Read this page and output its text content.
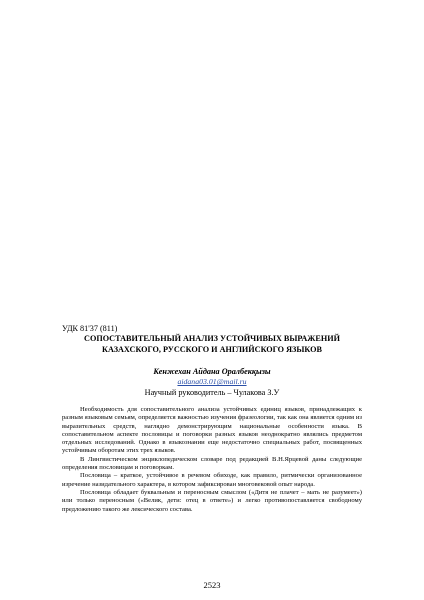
УДК 81'37 (811)
СОПОСТАВИТЕЛЬНЫЙ АНАЛИЗ УСТОЙЧИВЫХ ВЫРАЖЕНИЙ
КАЗАХСКОГО, РУССКОГО И АНГЛИЙСКОГО ЯЗЫКОВ
Кенжехан Айдана Оралбекқызы
aidana03.01@mail.ru
Научный руководитель – Чулакова З.У

Необходимость для сопоставительного анализа устойчивых единиц языков, принадлежащих к разным языковым семьям, определяется важностью изучения фразеологии, так как она является одним из выразительных средств, наглядно демонстрирующим национальные особенности языка. В сопоставительном аспекте пословицы и поговорки разных языков неоднократно являлись предметом отдельных исследований. Однако в языкознании еще недостаточно специальных работ, посвященных устойчивым оборотам этих трех языков.

В Лингвистическом энциклопедическом словаре под редакцией В.Н.Ярцевой даны следующие определения пословицам и поговоркам.

Пословица – краткое, устойчивое в речевом обиходе, как правило, ритмически организованное изречение назидательного характера, в котором зафиксирован многовековой опыт народа.

Пословица обладает буквальным и переносным смыслом («Дитя не плачет – мать не разумеет») или только переносным («Велик, дети: отец в ответе») и легко противопоставляется свободному предложению такого же лексического состава.

2523
